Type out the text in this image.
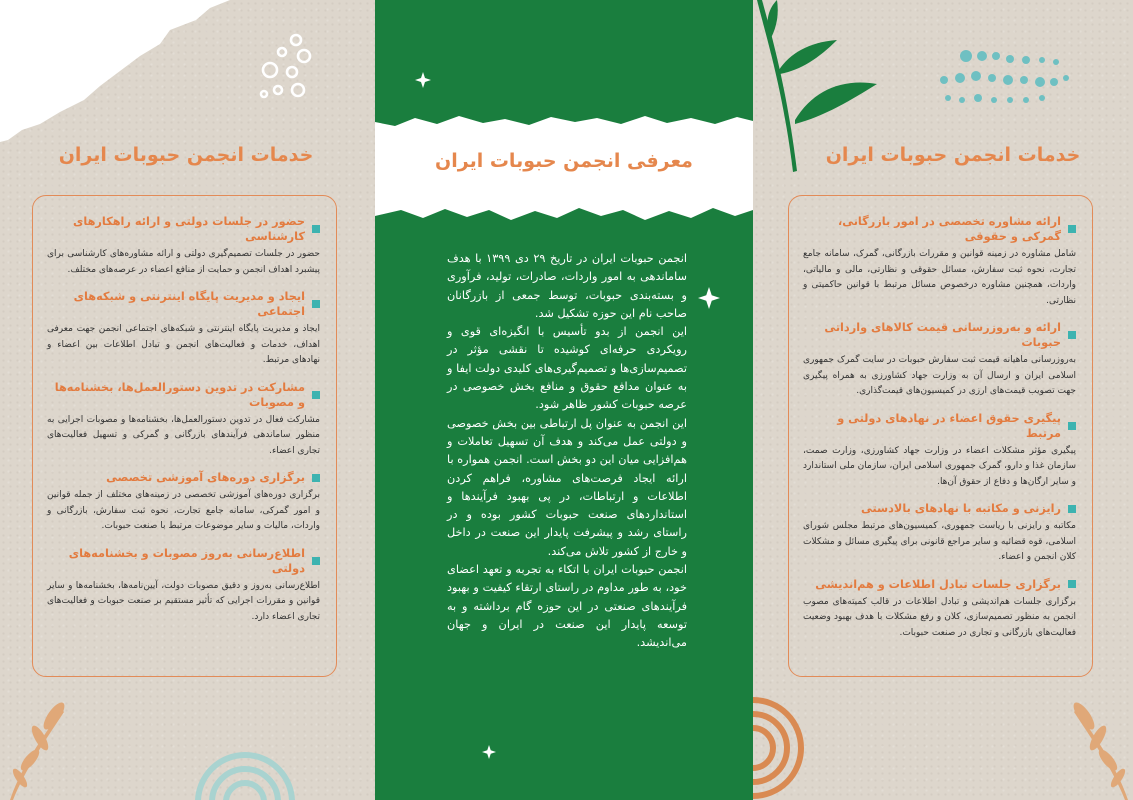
خدمات انجمن حبوبات ایران
حضور در جلسات دولتی و ارائه راهکارهای کارشناسی
حضور در جلسات تصمیم‌گیری دولتی و ارائه مشاوره‌های کارشناسی برای پیشبرد اهداف انجمن و حمایت از منافع اعضاء در عرصه‌های مختلف.
ایجاد و مدیریت پایگاه اینترنتی و شبکه‌های اجتماعی
ایجاد و مدیریت پایگاه اینترنتی و شبکه‌های اجتماعی انجمن جهت معرفی اهداف، خدمات و فعالیت‌های انجمن و تبادل اطلاعات بین اعضاء و نهادهای مرتبط.
مشارکت در تدوین دستورالعمل‌ها، بخشنامه‌ها و مصوبات
مشارکت فعال در تدوین دستورالعمل‌ها، بخشنامه‌ها و مصوبات اجرایی به منظور ساماندهی فرآیندهای بازرگانی و گمرکی و تسهیل فعالیت‌های تجاری اعضاء.
برگزاری دوره‌های آموزشی تخصصی
برگزاری دوره‌های آموزشی تخصصی در زمینه‌های مختلف از جمله قوانین و امور گمرکی، سامانه جامع تجارت، نحوه ثبت سفارش، بازرگانی و واردات، مالیات و سایر موضوعات مرتبط با صنعت حبوبات.
اطلاع‌رسانی به‌روز مصوبات و بخشنامه‌های دولتی
اطلاع‌رسانی به‌روز و دقیق مصوبات دولت، آیین‌نامه‌ها، بخشنامه‌ها و سایر قوانین و مقررات اجرایی که تأثیر مستقیم بر صنعت حبوبات و فعالیت‌های تجاری اعضاء دارد.
معرفی انجمن حبوبات ایران

انجمن حبوبات ایران در تاریخ ۲۹ دی ۱۳۹۹ با هدف ساماندهی به امور واردات، صادرات، تولید، فرآوری و بسته‌بندی حبوبات، توسط جمعی از بازرگانان صاحب نام این حوزه تشکیل شد.

این انجمن از بدو تأسیس با انگیزه‌ای قوی و رویکردی حرفه‌ای کوشیده تا نقشی مؤثر در تصمیم‌سازی‌ها و تصمیم‌گیری‌های کلیدی دولت ایفا و به عنوان مدافع حقوق و منافع بخش خصوصی در عرصه حبوبات کشور ظاهر شود.

این انجمن به عنوان پل ارتباطی بین بخش خصوصی و دولتی عمل می‌کند و هدف آن تسهیل تعاملات و هم‌افزایی میان این دو بخش است. انجمن همواره با ارائه ایجاد فرصت‌های مشاوره، فراهم کردن اطلاعات و ارتباطات، در پی بهبود فرآیندها و استانداردهای صنعت حبوبات کشور بوده و در راستای رشد و پیشرفت پایدار این صنعت در داخل و خارج از کشور تلاش می‌کند.

انجمن حبوبات ایران با اتکاء به تجربه و تعهد اعضای خود، به طور مداوم در راستای ارتقاء کیفیت و بهبود فرآیندهای صنعتی در این حوزه گام برداشته و به توسعه پایدار این صنعت در ایران و جهان می‌اندیشد.

خدمات انجمن حبوبات ایران
ارائه مشاوره تخصصی در امور بازرگانی، گمرکی و حقوقی
شامل مشاوره در زمینه قوانین و مقررات بازرگانی، گمرک، سامانه جامع تجارت، نحوه ثبت سفارش، مسائل حقوقی و نظارتی، مالی و مالیاتی، واردات، همچنین مشاوره درخصوص مسائل مرتبط با قوانین حاکمیتی و نظارتی.
ارائه و به‌روزرسانی قیمت کالاهای وارداتی حبوبات
به‌روزرسانی ماهیانه قیمت ثبت سفارش حبوبات در سایت گمرک جمهوری اسلامی ایران و ارسال آن به وزارت جهاد کشاورزی به همراه پیگیری جهت تصویب قیمت‌های ارزی در کمیسیون‌های قیمت‌گذاری.
پیگیری حقوق اعضاء در نهادهای دولتی و مرتبط
پیگیری مؤثر مشکلات اعضاء در وزارت جهاد کشاورزی، وزارت صمت، سازمان غذا و دارو، گمرک جمهوری اسلامی ایران، سازمان ملی استاندارد و سایر ارگان‌ها و دفاع از حقوق آن‌ها.
رایزنی و مکاتبه با نهادهای بالادستی
مکاتبه و رایزنی با ریاست جمهوری، کمیسیون‌های مرتبط مجلس شورای اسلامی، قوه قضائیه و سایر مراجع قانونی برای پیگیری مسائل و مشکلات کلان انجمن و اعضاء.
برگزاری جلسات تبادل اطلاعات و هم‌اندیشی
برگزاری جلسات هم‌اندیشی و تبادل اطلاعات در قالب کمیته‌های مصوب انجمن به منظور تصمیم‌سازی، کلان و رفع مشکلات با هدف بهبود وضعیت فعالیت‌های بازرگانی و تجاری در صنعت حبوبات.
